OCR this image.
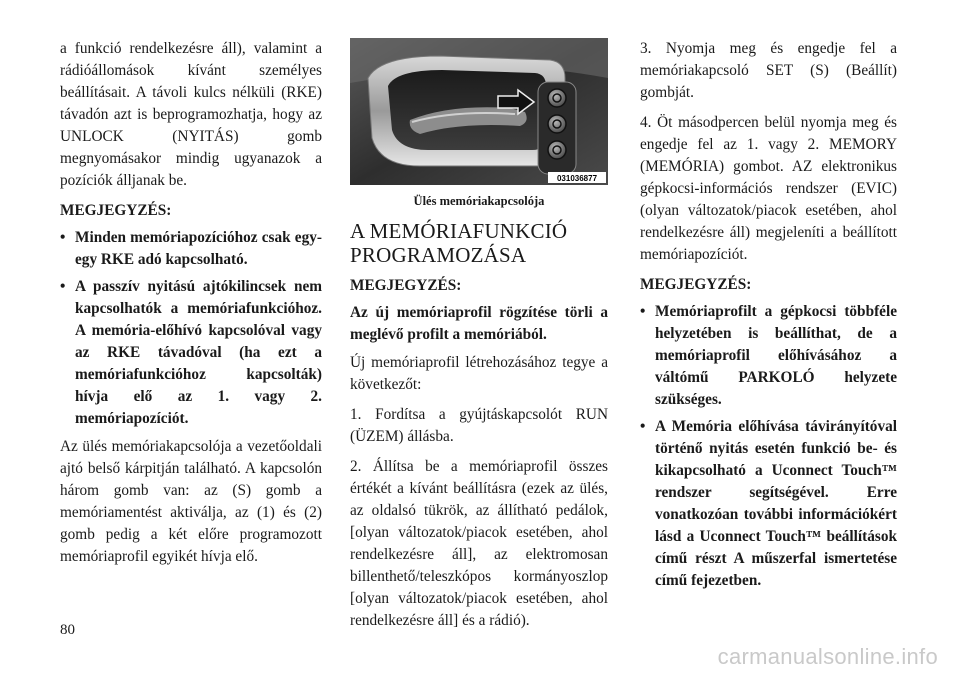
a funkció rendelkezésre áll), valamint a rádióállomások kívánt személyes beállításait. A távoli kulcs nélküli (RKE) távadón azt is beprogramozhatja, hogy az UNLOCK (NYITÁS) gomb megnyomásakor mindig ugyanazok a pozíciók álljanak be.

MEGJEGYZÉS:
• Minden memóriapozícióhoz csak egy-egy RKE adó kapcsolható.
• A passzív nyitású ajtókilincsek nem kapcsolhatók a memóriafunkcióhoz. A memória-előhívó kapcsolóval vagy az RKE távadóval (ha ezt a memóriafunkcióhoz kapcsolták) hívja elő az 1. vagy 2. memóriapozíciót.

Az ülés memóriakapcsolója a vezetőoldali ajtó belső kárpitján található. A kapcsolón három gomb van: az (S) gomb a memóriamentést aktiválja, az (1) és (2) gomb pedig a két előre programozott memóriaprofil egyikét hívja elő.

031036877
Ülés memóriakapcsolója
A MEMÓRIAFUNKCIÓ PROGRAMOZÁSA
MEGJEGYZÉS:

Az új memóriaprofil rögzítése törli a meglévő profilt a memóriából.

Új memóriaprofil létrehozásához tegye a következőt:

1. Fordítsa a gyújtáskapcsolót RUN (ÜZEM) állásba.

2. Állítsa be a memóriaprofil összes értékét a kívánt beállításra (ezek az ülés, az oldalsó tükrök, az állítható pedálok, [olyan változatok/piacok esetében, ahol rendelkezésre áll], az elektromosan billenthető/teleszkópos kormányoszlop [olyan változatok/piacok esetében, ahol rendelkezésre áll] és a rádió).

3. Nyomja meg és engedje fel a memóriakapcsoló SET (S) (Beállít) gombját.

4. Öt másodpercen belül nyomja meg és engedje fel az 1. vagy 2. MEMORY (MEMÓRIA) gombot. AZ elektronikus gépkocsi-információs rendszer (EVIC) (olyan változatok/piacok esetében, ahol rendelkezésre áll) megjeleníti a beállított memóriapozíciót.

MEGJEGYZÉS:
• Memóriaprofilt a gépkocsi többféle helyzetében is beállíthat, de a memóriaprofil előhívásához a váltómű PARKOLÓ helyzete szükséges.
• A Memória előhívása távirányítóval történő nyitás esetén funkció be- és kikapcsolható a Uconnect Touch™ rendszer segítségével. Erre vonatkozóan további információkért lásd a Uconnect Touch™ beállítások című részt A műszerfal ismertetése című fejezetben.
80
carmanualsonline.info
